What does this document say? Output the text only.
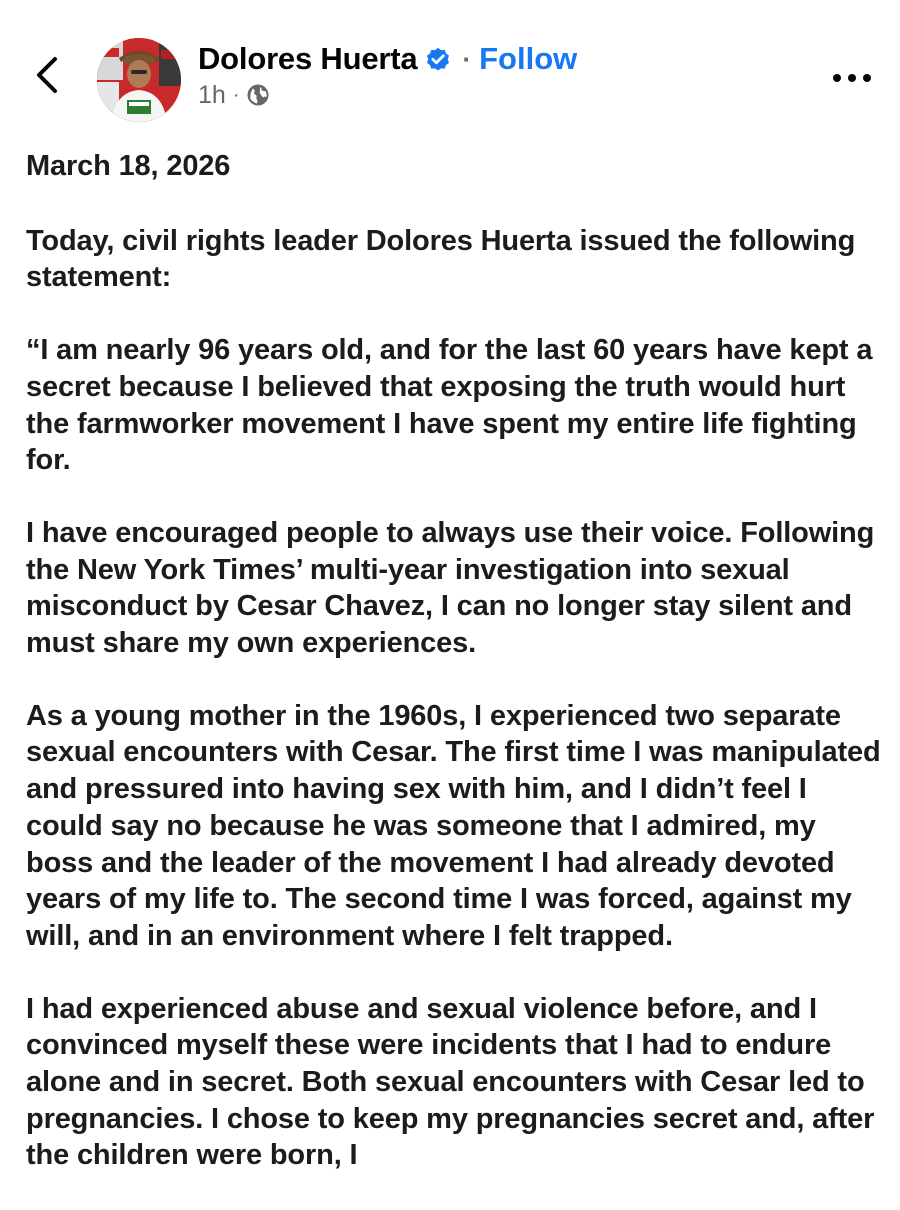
Dolores Huerta · Follow
1h ·

March 18, 2026

Today, civil rights leader Dolores Huerta issued the following statement:

“I am nearly 96 years old, and for the last 60 years have kept a secret because I believed that exposing the truth would hurt the farmworker movement I have spent my entire life fighting for.

I have encouraged people to always use their voice. Following the New York Times’ multi-year investigation into sexual misconduct by Cesar Chavez, I can no longer stay silent and must share my own experiences.

As a young mother in the 1960s, I experienced two separate sexual encounters with Cesar. The first time I was manipulated and pressured into having sex with him, and I didn’t feel I could say no because he was someone that I admired, my boss and the leader of the movement I had already devoted years of my life to. The second time I was forced, against my will, and in an environment where I felt trapped.

I had experienced abuse and sexual violence before, and I convinced myself these were incidents that I had to endure alone and in secret. Both sexual encounters with Cesar led to pregnancies. I chose to keep my pregnancies secret and, after the children were born, I
